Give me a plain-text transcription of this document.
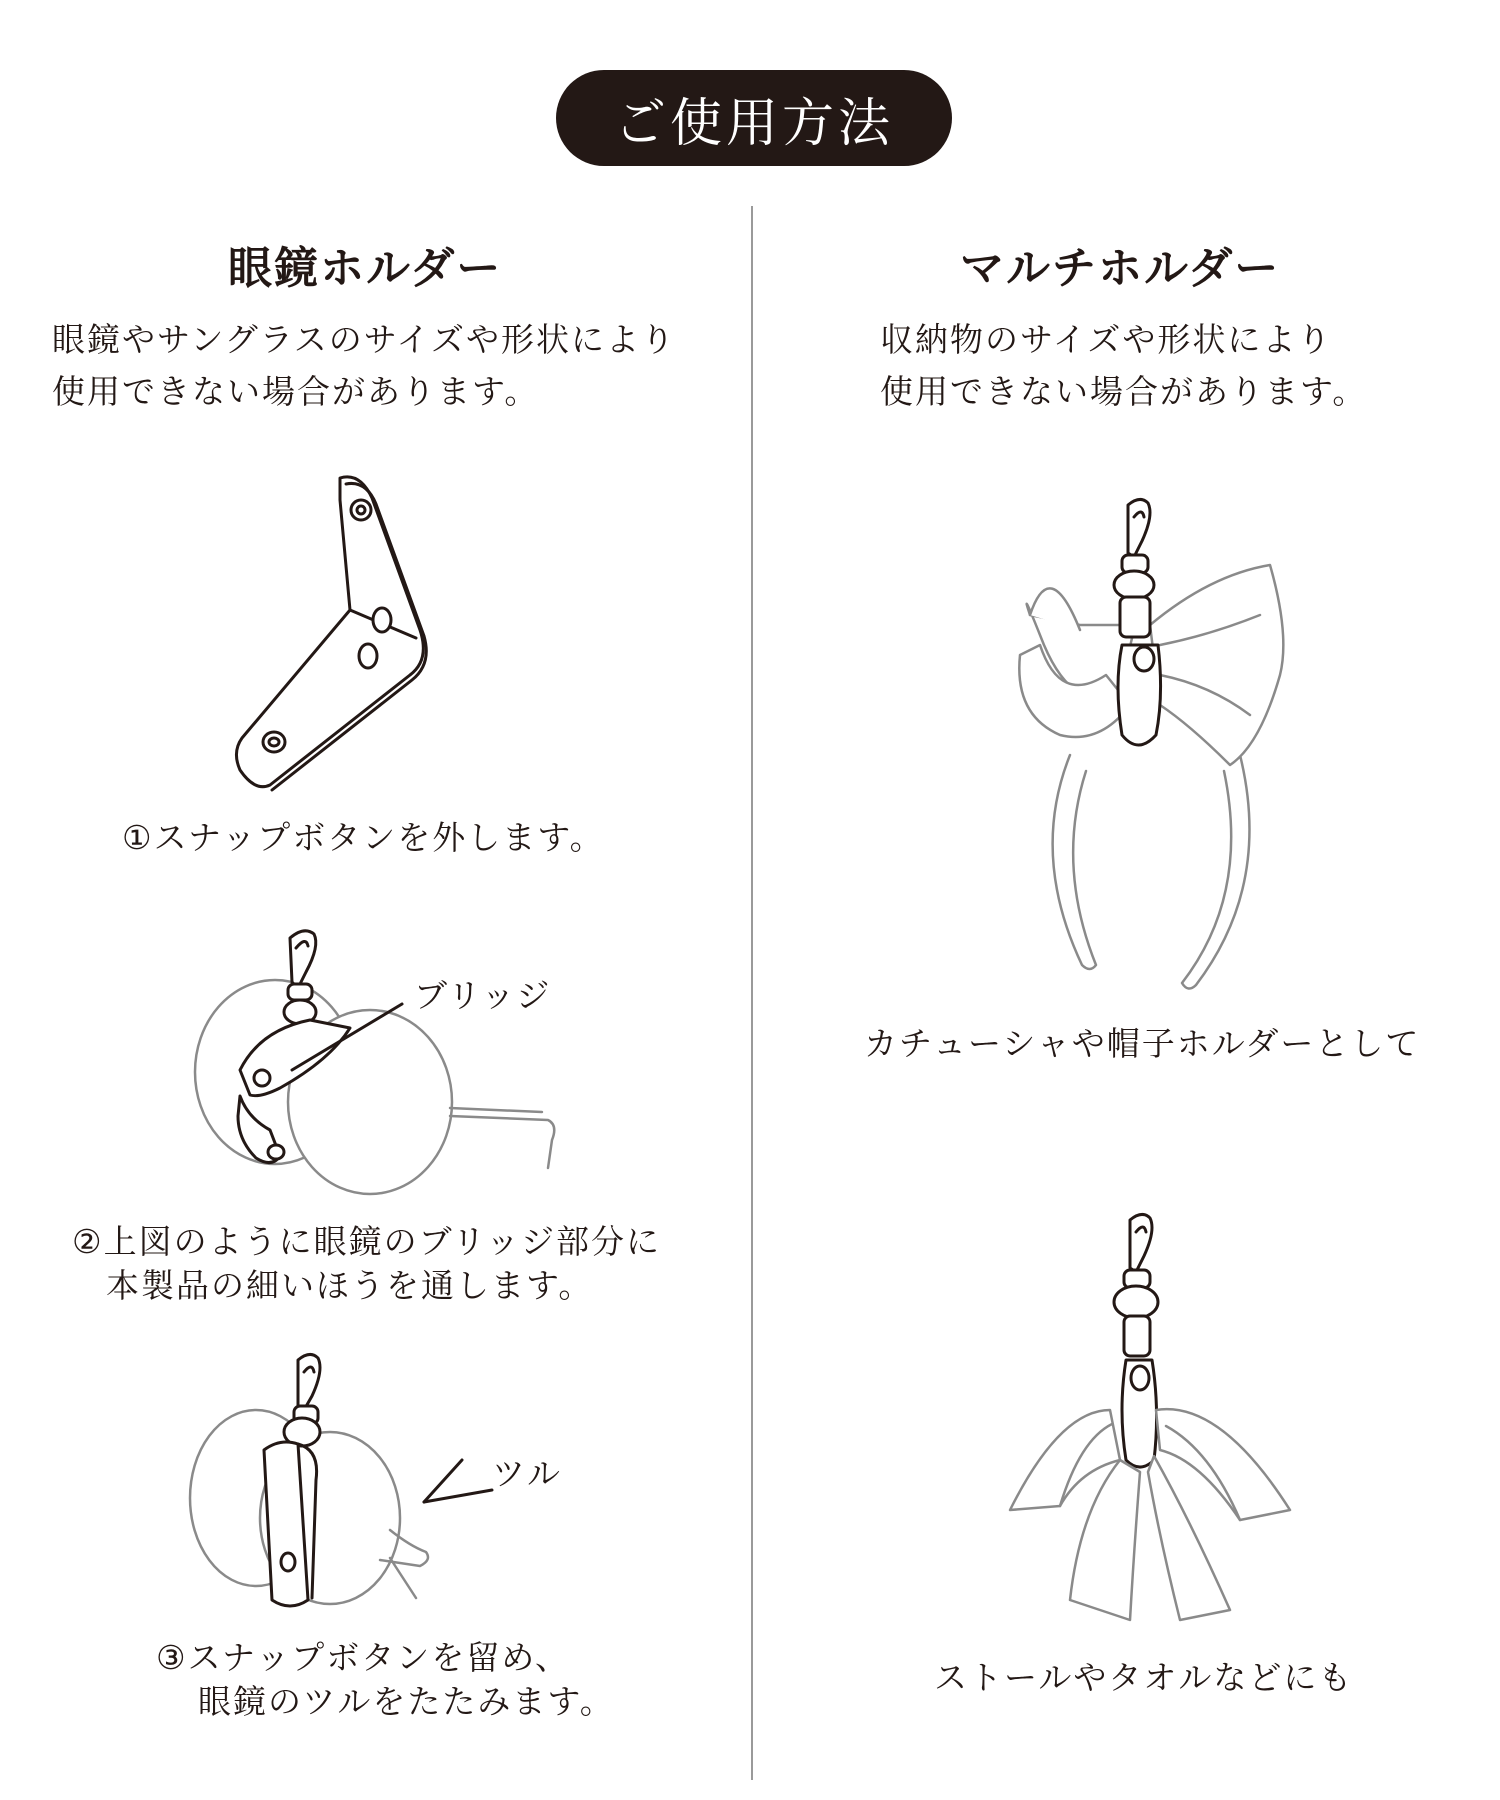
ご使用方法
眼鏡ホルダー
眼鏡やサングラスのサイズや形状により
使用できない場合があります。
①スナップボタンを外します。
ブリッジ
②上図のように眼鏡のブリッジ部分に
本製品の細いほうを通します。
ツル
③スナップボタンを留め、
眼鏡のツルをたたみます。
マルチホルダー
収納物のサイズや形状により
使用できない場合があります。
カチューシャや帽子ホルダーとして
ストールやタオルなどにも
